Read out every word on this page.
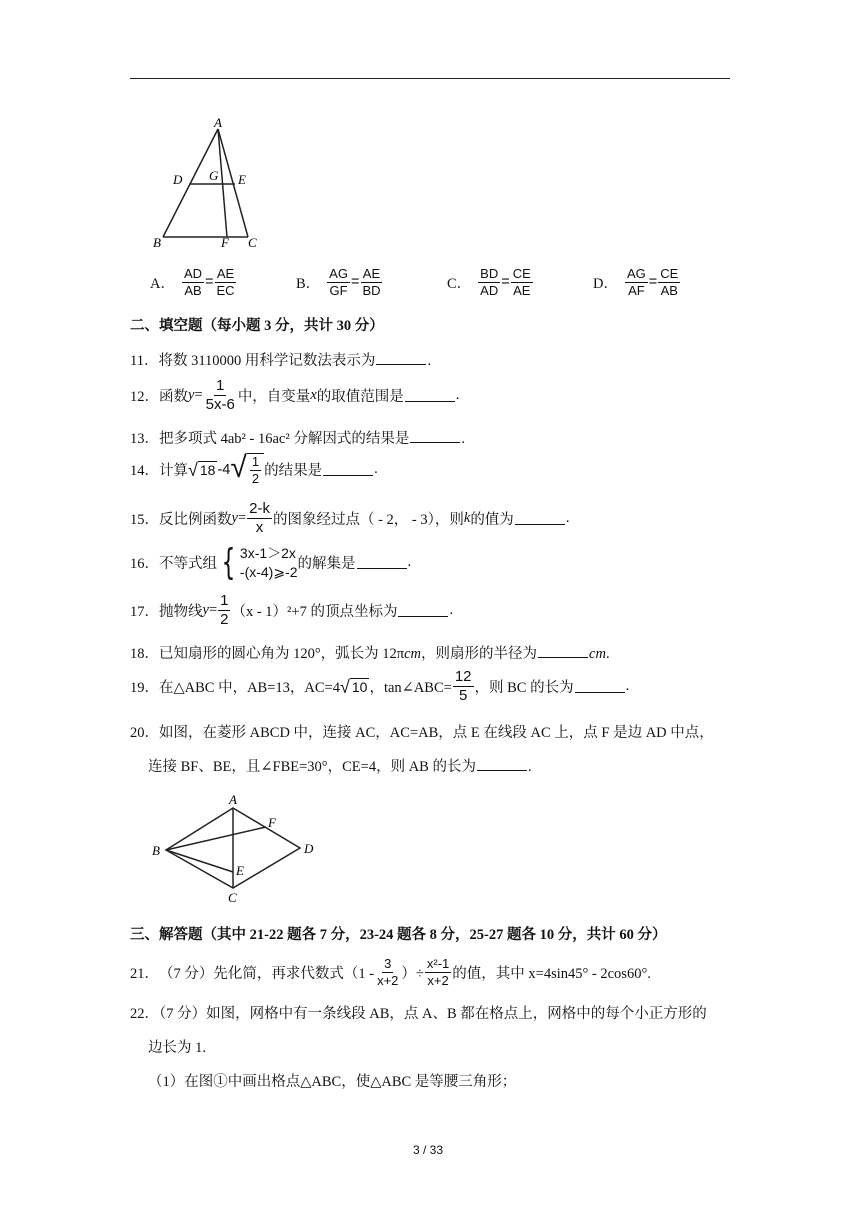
A
D G E
B	F C
A． $\frac{AD}{AB} = \frac{AE}{EC}$	B． $\frac{AG}{GF} = \frac{AE}{BD}$	C． $\frac{BD}{AD} = \frac{CE}{AE}$	D． $\frac{AG}{AF} = \frac{CE}{AB}$
二、填空题（每小题 3 分，共计 30 分）
11．将数 3110000 用科学记数法表示为	.
12． 函数 $y = \frac{1}{5x-6}$ 中，自变量 x 的取值范围是	.
13．把多项式 4ab² - 16ac² 分解因式的结果是	.
14． 计算 √ 18 -4 √ $\frac{1}{2}$ 的结果是	.
15． 反比例函数 $y = \frac{2-k}{x}$ 的图象经过点（ - 2， - 3），则 k 的值为	.
16． 不等式组 { 3x-1＞2x
-(x-4)⩾-2 的解集是	.
17． 抛物线 $y = \frac{1}{2} (x - 1)^2+7$ 的顶点坐标为	.
18．已知扇形的圆心角为 120°，弧长为 12πcm，则扇形的半径为	cm.
19． 在△ABC 中，AB=13，AC=4 √ 10 ，tan∠ABC= $\frac{12}{5}$ ，则 BC 的长为	.
20．如图，在菱形 ABCD 中，连接 AC，AC=AB，点 E 在线段 AC 上，点 F 是边 AD 中点，
连接 BF、BE，且∠FBE=30°，CE=4，则 AB 的长为	.
A
B
C
D
E
F
三、解答题（其中 21-22 题各 7 分，23-24 题各 8 分，25-27 题各 10 分，共计 60 分）
21． （7 分）先化简，再求代数式（$1 - \frac{3}{x+2}$ ）÷ $\frac{\text{x²-1}}{x+2}$ 的值，其中 x=4sin45° - 2cos60°.
22．（7 分）如图，网格中有一条线段 AB，点 A、B 都在格点上，网格中的每个小正方形的
边长为 1.
（1）在图①中画出格点△ABC，使△ABC 是等腰三角形；
3 / 33
